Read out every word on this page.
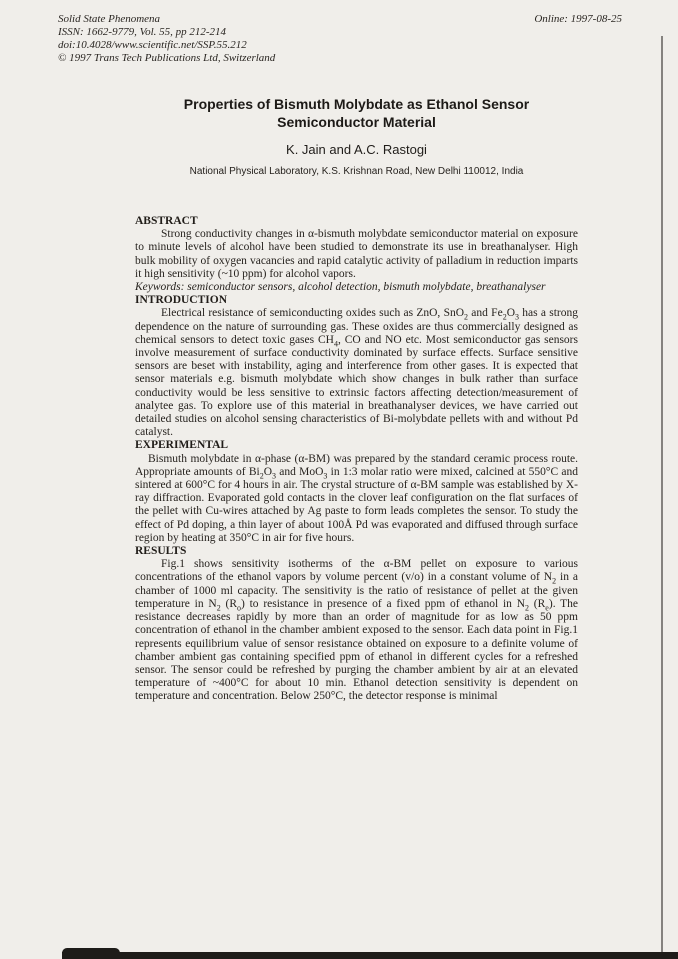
Solid State Phenomena	Online: 1997-08-25
ISSN: 1662-9779, Vol. 55, pp 212-214
doi:10.4028/www.scientific.net/SSP.55.212
© 1997 Trans Tech Publications Ltd, Switzerland
Properties of Bismuth Molybdate as Ethanol Sensor
Semiconductor Material
K. Jain and A.C. Rastogi
National Physical Laboratory, K.S. Krishnan Road, New Delhi 110012, India
ABSTRACT

Strong conductivity changes in α-bismuth molybdate semiconductor material on exposure to minute levels of alcohol have been studied to demonstrate its use in breathanalyser. High bulk mobility of oxygen vacancies and rapid catalytic activity of palladium in reduction imparts it high sensitivity (~10 ppm) for alcohol vapors.

Keywords: semiconductor sensors, alcohol detection, bismuth molybdate, breathanalyser

INTRODUCTION

Electrical resistance of semiconducting oxides such as ZnO, SnO$_2$ and $Fe_2O_3$ has a strong dependence on the nature of surrounding gas. These oxides are thus commercially designed as chemical sensors to detect toxic gases $CH_4$, CO and NO etc. Most semiconductor gas sensors involve measurement of surface conductivity dominated by surface effects. Surface sensitive sensors are beset with instability, aging and interference from other gases. It is expected that sensor materials e.g. bismuth molybdate which show changes in bulk rather than surface conductivity would be less sensitive to extrinsic factors affecting detection/measurement of analytee gas. To explore use of this material in breathanalyser devices, we have carried out detailed studies on alcohol sensing characteristics of Bi-molybdate pellets with and without Pd catalyst.

EXPERIMENTAL

Bismuth molybdate in α-phase (α-BM) was prepared by the standard ceramic process route. Appropriate amounts of $Bi_2O_3$ and MoO$_3$ in 1:3 molar ratio were mixed, calcined at 550°C and sintered at 600°C for 4 hours in air. The crystal structure of α-BM sample was established by X-ray diffraction. Evaporated gold contacts in the clover leaf configuration on the flat surfaces of the pellet with Cu-wires attached by Ag paste to form leads completes the sensor. To study the effect of Pd doping, a thin layer of about 100Å Pd was evaporated and diffused through surface region by heating at 350°C in air for five hours.

RESULTS

Fig.1 shows sensitivity isotherms of the α-BM pellet on exposure to various concentrations of the ethanol vapors by volume percent (v/o) in a constant volume of $N_2$ in a chamber of 1000 ml capacity. The sensitivity is the ratio of resistance of pellet at the given temperature in $N_2$ $(R_o)$ to resistance in presence of a fixed ppm of ethanol in $N_2$ $(R_e)$. The resistance decreases rapidly by more than an order of magnitude for as low as 50 ppm concentration of ethanol in the chamber ambient exposed to the sensor. Each data point in Fig.1 represents equilibrium value of sensor resistance obtained on exposure to a definite volume of chamber ambient gas containing specified ppm of ethanol in different cycles for a refreshed sensor. The sensor could be refreshed by purging the chamber ambient by air at an elevated temperature of ~400°C for about 10 min. Ethanol detection sensitivity is dependent on temperature and concentration. Below 250°C, the detector response is minimal
